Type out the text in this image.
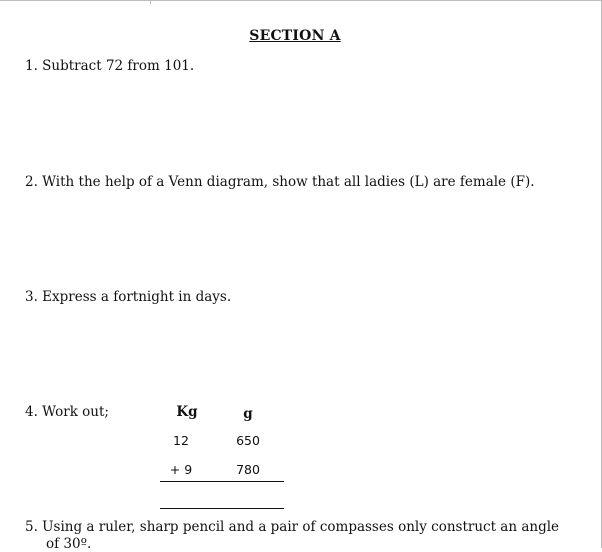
SECTION A
1. Subtract 72 from 101.
2. With the help of a Venn diagram, show that all ladies (L) are female (F).
3. Express a fortnight in days.
4. Work out;	Kg	g
12	650
+ 9	780
5. Using a ruler, sharp pencil and a pair of compasses only construct an angle
of 30º.
